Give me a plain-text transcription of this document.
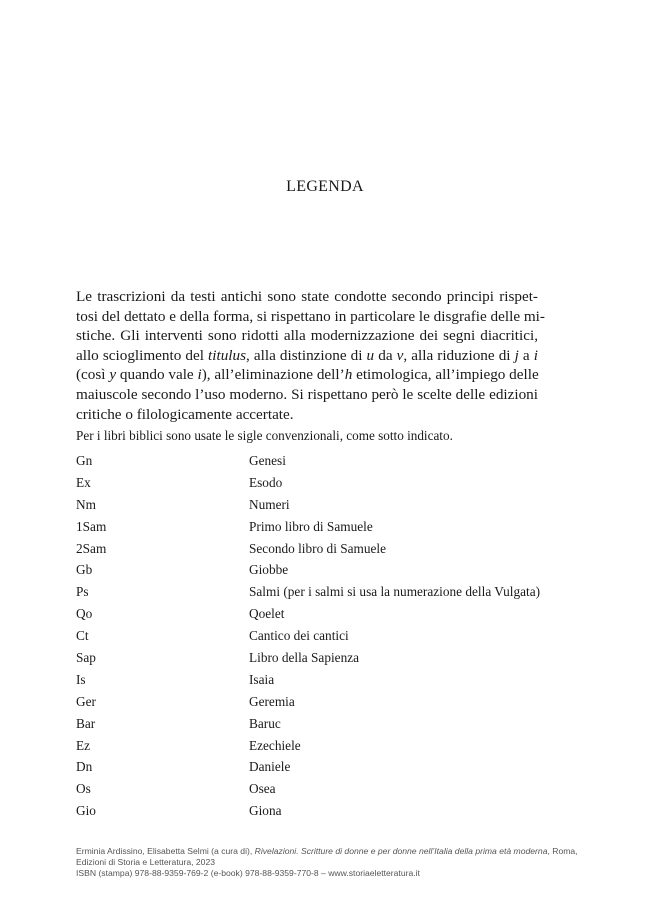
LEGENDA

Le trascrizioni da testi antichi sono state condotte secondo principi rispet-
tosi del dettato e della forma, si rispettano in particolare le disgrafie delle mi-
stiche. Gli interventi sono ridotti alla modernizzazione dei segni diacritici,
allo scioglimento del titulus, alla distinzione di u da v, alla riduzione di j a i
(così y quando vale i), all’eliminazione dell’h etimologica, all’impiego delle
maiuscole secondo l’uso moderno. Si rispettano però le scelte delle edizioni
critiche o filologicamente accertate.

Per i libri biblici sono usate le sigle convenzionali, come sotto indicato.

Gn	Genesi
Ex	Esodo
Nm	Numeri
1Sam	Primo libro di Samuele
2Sam	Secondo libro di Samuele
Gb	Giobbe
Ps	Salmi (per i salmi si usa la numerazione della Vulgata)
Qo	Qoelet
Ct	Cantico dei cantici
Sap	Libro della Sapienza
Is	Isaia
Ger	Geremia
Bar	Baruc
Ez	Ezechiele
Dn	Daniele
Os	Osea
Gio	Giona
Erminia Ardissino, Elisabetta Selmi (a cura di), Rivelazioni. Scritture di donne e per donne nell’Italia della prima età moderna, Roma,
Edizioni di Storia e Letteratura, 2023
ISBN (stampa) 978-88-9359-769-2 (e-book) 978-88-9359-770-8 – www.storiaeletteratura.it
